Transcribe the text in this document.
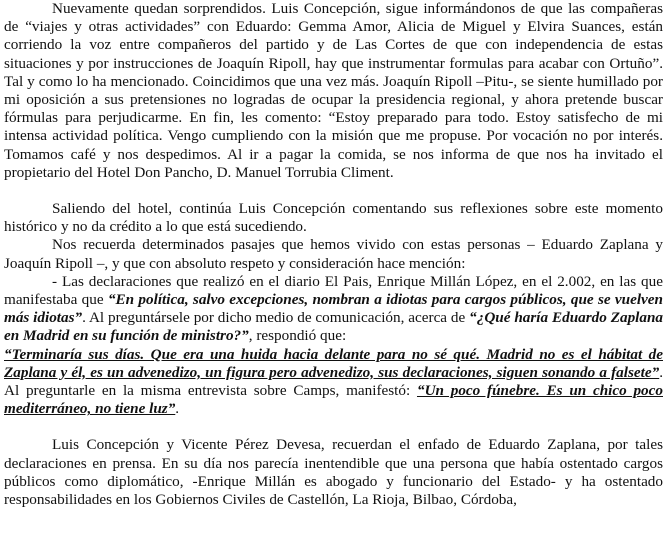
Nuevamente quedan sorprendidos. Luis Concepción, sigue informándonos de que las compañeras de “viajes y otras actividades” con Eduardo: Gemma Amor, Alicia de Miguel y Elvira Suances, están corriendo la voz entre compañeros del partido y de Las Cortes de que con independencia de estas situaciones y por instrucciones de Joaquín Ripoll, hay que instrumentar formulas para acabar con Ortuño”. Tal y como lo ha mencionado. Coincidimos que una vez más. Joaquín Ripoll –Pitu-, se siente humillado por mi oposición a sus pretensiones no logradas de ocupar la presidencia regional, y ahora pretende buscar fórmulas para perjudicarme. En fin, les comento: “Estoy preparado para todo. Estoy satisfecho de mi intensa actividad política. Vengo cumpliendo con la misión que me propuse. Por vocación no por interés. Tomamos café y nos despedimos. Al ir a pagar la comida, se nos informa de que nos ha invitado el propietario del Hotel Don Pancho, D. Manuel Torrubia Climent.

Saliendo del hotel, continúa Luis Concepción comentando sus reflexiones sobre este momento histórico y no da crédito a lo que está sucediendo.

Nos recuerda determinados pasajes que hemos vivido con estas personas – Eduardo Zaplana y Joaquín Ripoll –, y que con absoluto respeto y consideración hace mención:

- Las declaraciones que realizó en el diario El Pais, Enrique Millán López, en el 2.002, en las que manifestaba que “En política, salvo excepciones, nombran a idiotas para cargos públicos, que se vuelven más idiotas”. Al preguntársele por dicho medio de comunicación, acerca de “¿Qué haría Eduardo Zaplana en Madrid en su función de ministro?”, respondió que:
“Terminaría sus días. Que era una huida hacia delante para no sé qué. Madrid no es el hábitat de Zaplana y él, es un advenedizo, un figura pero advenedizo, sus declaraciones, siguen sonando a falsete”. Al preguntarle en la misma entrevista sobre Camps, manifestó: “Un poco fúnebre. Es un chico poco mediterráneo, no tiene luz”.

Luis Concepción y Vicente Pérez Devesa, recuerdan el enfado de Eduardo Zaplana, por tales declaraciones en prensa. En su día nos parecía inentendible que una persona que había ostentado cargos públicos como diplomático, -Enrique Millán es abogado y funcionario del Estado- y ha ostentado responsabilidades en los Gobiernos Civiles de Castellón, La Rioja, Bilbao, Córdoba,
